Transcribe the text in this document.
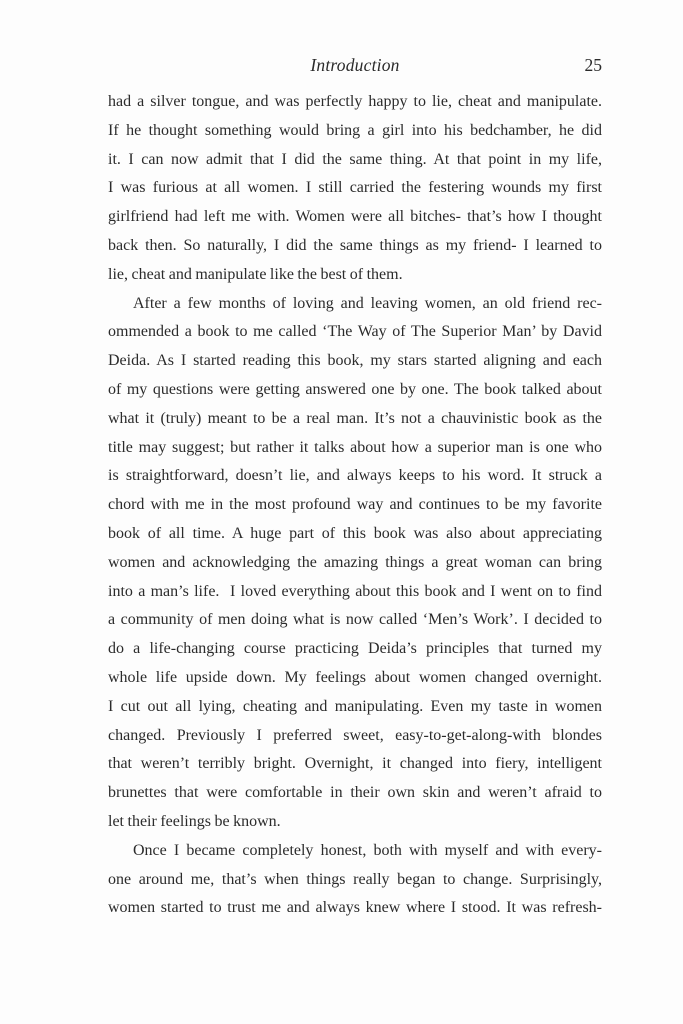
Introduction	25
had a silver tongue, and was perfectly happy to lie, cheat and manipulate.
If he thought something would bring a girl into his bedchamber, he did
it. I can now admit that I did the same thing. At that point in my life,
I was furious at all women. I still carried the festering wounds my first
girlfriend had left me with. Women were all bitches- that’s how I thought
back then. So naturally, I did the same things as my friend- I learned to
lie, cheat and manipulate like the best of them.
After a few months of loving and leaving women, an old friend rec-
ommended a book to me called ‘The Way of The Superior Man’ by David
Deida. As I started reading this book, my stars started aligning and each
of my questions were getting answered one by one. The book talked about
what it (truly) meant to be a real man. It’s not a chauvinistic book as the
title may suggest; but rather it talks about how a superior man is one who
is straightforward, doesn’t lie, and always keeps to his word. It struck a
chord with me in the most profound way and continues to be my favorite
book of all time. A huge part of this book was also about appreciating
women and acknowledging the amazing things a great woman can bring
into a man’s life.  I loved everything about this book and I went on to find
a community of men doing what is now called ‘Men’s Work’. I decided to
do a life-changing course practicing Deida’s principles that turned my
whole life upside down. My feelings about women changed overnight.
I cut out all lying, cheating and manipulating. Even my taste in women
changed. Previously I preferred sweet, easy-to-get-along-with blondes
that weren’t terribly bright. Overnight, it changed into fiery, intelligent
brunettes that were comfortable in their own skin and weren’t afraid to
let their feelings be known.
Once I became completely honest, both with myself and with every-
one around me, that’s when things really began to change. Surprisingly,
women started to trust me and always knew where I stood. It was refresh-
